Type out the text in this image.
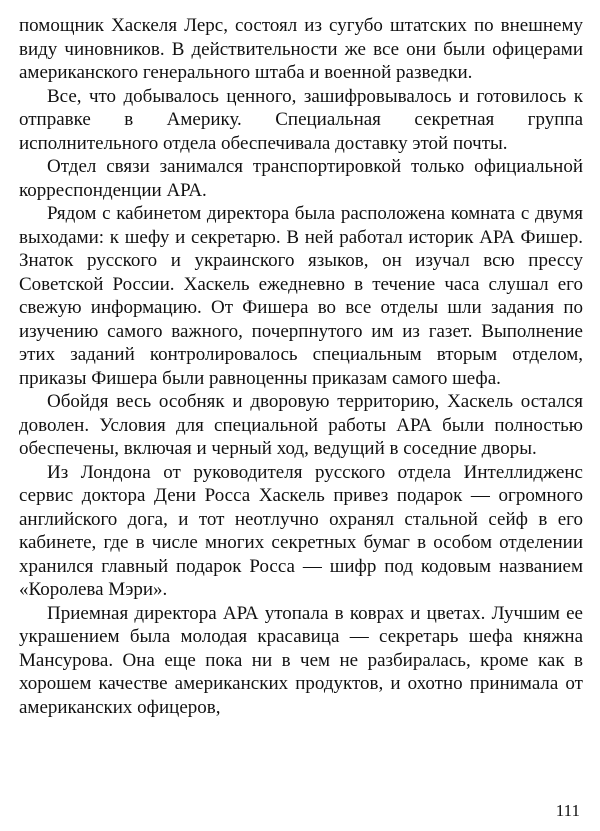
помощник Хаскеля Лерс, состоял из сугубо штатских по внешнему виду чиновников. В действительности же все они были офицерами американского генерального штаба и военной разведки.

Все, что добывалось ценного, зашифровывалось и готовилось к отправке в Америку. Специальная секретная группа исполнительного отдела обеспечивала доставку этой почты.

Отдел связи занимался транспортировкой только официальной корреспонденции АРА.

Рядом с кабинетом директора была расположена комната с двумя выходами: к шефу и секретарю. В ней работал историк АРА Фишер. Знаток русского и украинского языков, он изучал всю прессу Советской России. Хаскель ежедневно в течение часа слушал его свежую информацию. От Фишера во все отделы шли задания по изучению самого важного, почерпнутого им из газет. Выполнение этих заданий контролировалось специальным вторым отделом, приказы Фишера были равноценны приказам самого шефа.

Обойдя весь особняк и дворовую территорию, Хаскель остался доволен. Условия для специальной работы АРА были полностью обеспечены, включая и черный ход, ведущий в соседние дворы.

Из Лондона от руководителя русского отдела Интеллидженс сервис доктора Дени Росса Хаскель привез подарок — огромного английского дога, и тот неотлучно охранял стальной сейф в его кабинете, где в числе многих секретных бумаг в особом отделении хранился главный подарок Росса — шифр под кодовым названием «Королева Мэри».

Приемная директора АРА утопала в коврах и цветах. Лучшим ее украшением была молодая красавица — секретарь шефа княжна Мансурова. Она еще пока ни в чем не разбиралась, кроме как в хорошем качестве американских продуктов, и охотно принимала от американских офицеров,

111
